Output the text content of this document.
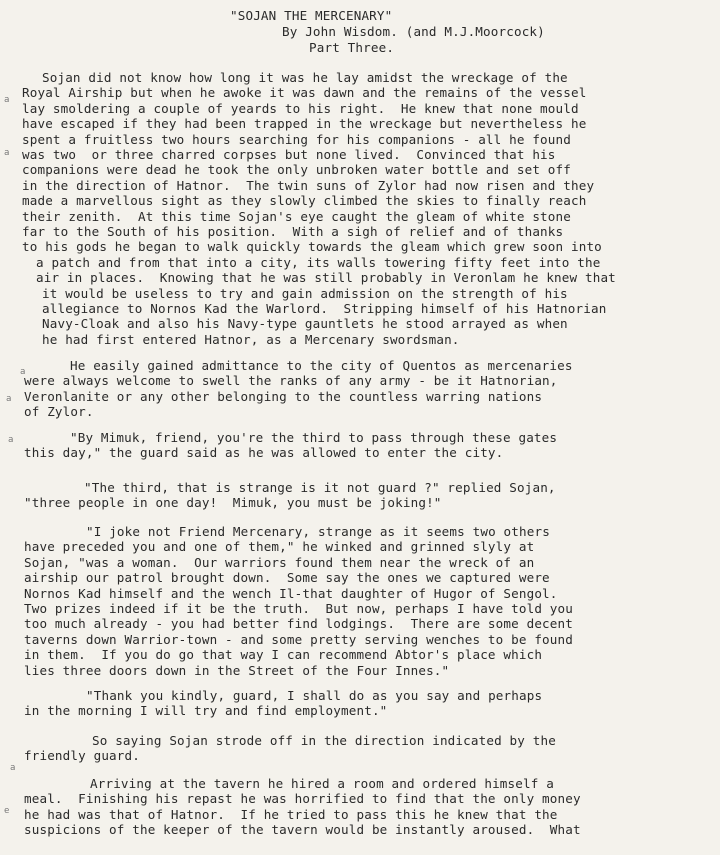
"SOJAN THE MERCENARY"
By John Wisdom. (and M.J.Moorcock)
Part Three.
Sojan did not know how long it was he lay amidst the wreckage of the
Royal Airship but when he awoke it was dawn and the remains of the vessel
lay smoldering a couple of yeards to his right.  He knew that none mould
have escaped if they had been trapped in the wreckage but nevertheless he
spent a fruitless two hours searching for his companions - all he found
was two  or three charred corpses but none lived.  Convinced that his
companions were dead he took the only unbroken water bottle and set off
in the direction of Hatnor.  The twin suns of Zylor had now risen and they
made a marvellous sight as they slowly climbed the skies to finally reach
their zenith.  At this time Sojan's eye caught the gleam of white stone
far to the South of his position.  With a sigh of relief and of thanks
to his gods he began to walk quickly towards the gleam which grew soon into
a patch and from that into a city, its walls towering fifty feet into the
air in places.  Knowing that he was still probably in Veronlam he knew that
it would be useless to try and gain admission on the strength of his
allegiance to Nornos Kad the Warlord.  Stripping himself of his Hatnorian
Navy-Cloak and also his Navy-type gauntlets he stood arrayed as when
he had first entered Hatnor, as a Mercenary swordsman.
He easily gained admittance to the city of Quentos as mercenaries
were always welcome to swell the ranks of any army - be it Hatnorian,
Veronlanite or any other belonging to the countless warring nations
of Zylor.
"By Mimuk, friend, you're the third to pass through these gates
this day," the guard said as he was allowed to enter the city.
"The third, that is strange is it not guard ?" replied Sojan,
"three people in one day!  Mimuk, you must be joking!"
"I joke not Friend Mercenary, strange as it seems two others
have preceded you and one of them," he winked and grinned slyly at
Sojan, "was a woman.  Our warriors found them near the wreck of an
airship our patrol brought down.  Some say the ones we captured were
Nornos Kad himself and the wench Il-that daughter of Hugor of Sengol.
Two prizes indeed if it be the truth.  But now, perhaps I have told you
too much already - you had better find lodgings.  There are some decent
taverns down Warrior-town - and some pretty serving wenches to be found
in them.  If you do go that way I can recommend Abtor's place which
lies three doors down in the Street of the Four Innes."
"Thank you kindly, guard, I shall do as you say and perhaps
in the morning I will try and find employment."
So saying Sojan strode off in the direction indicated by the
friendly guard.
Arriving at the tavern he hired a room and ordered himself a
meal.  Finishing his repast he was horrified to find that the only money
he had was that of Hatnor.  If he tried to pass this he knew that the
suspicions of the keeper of the tavern would be instantly aroused.  What
a
a
a
a
a
a
e
